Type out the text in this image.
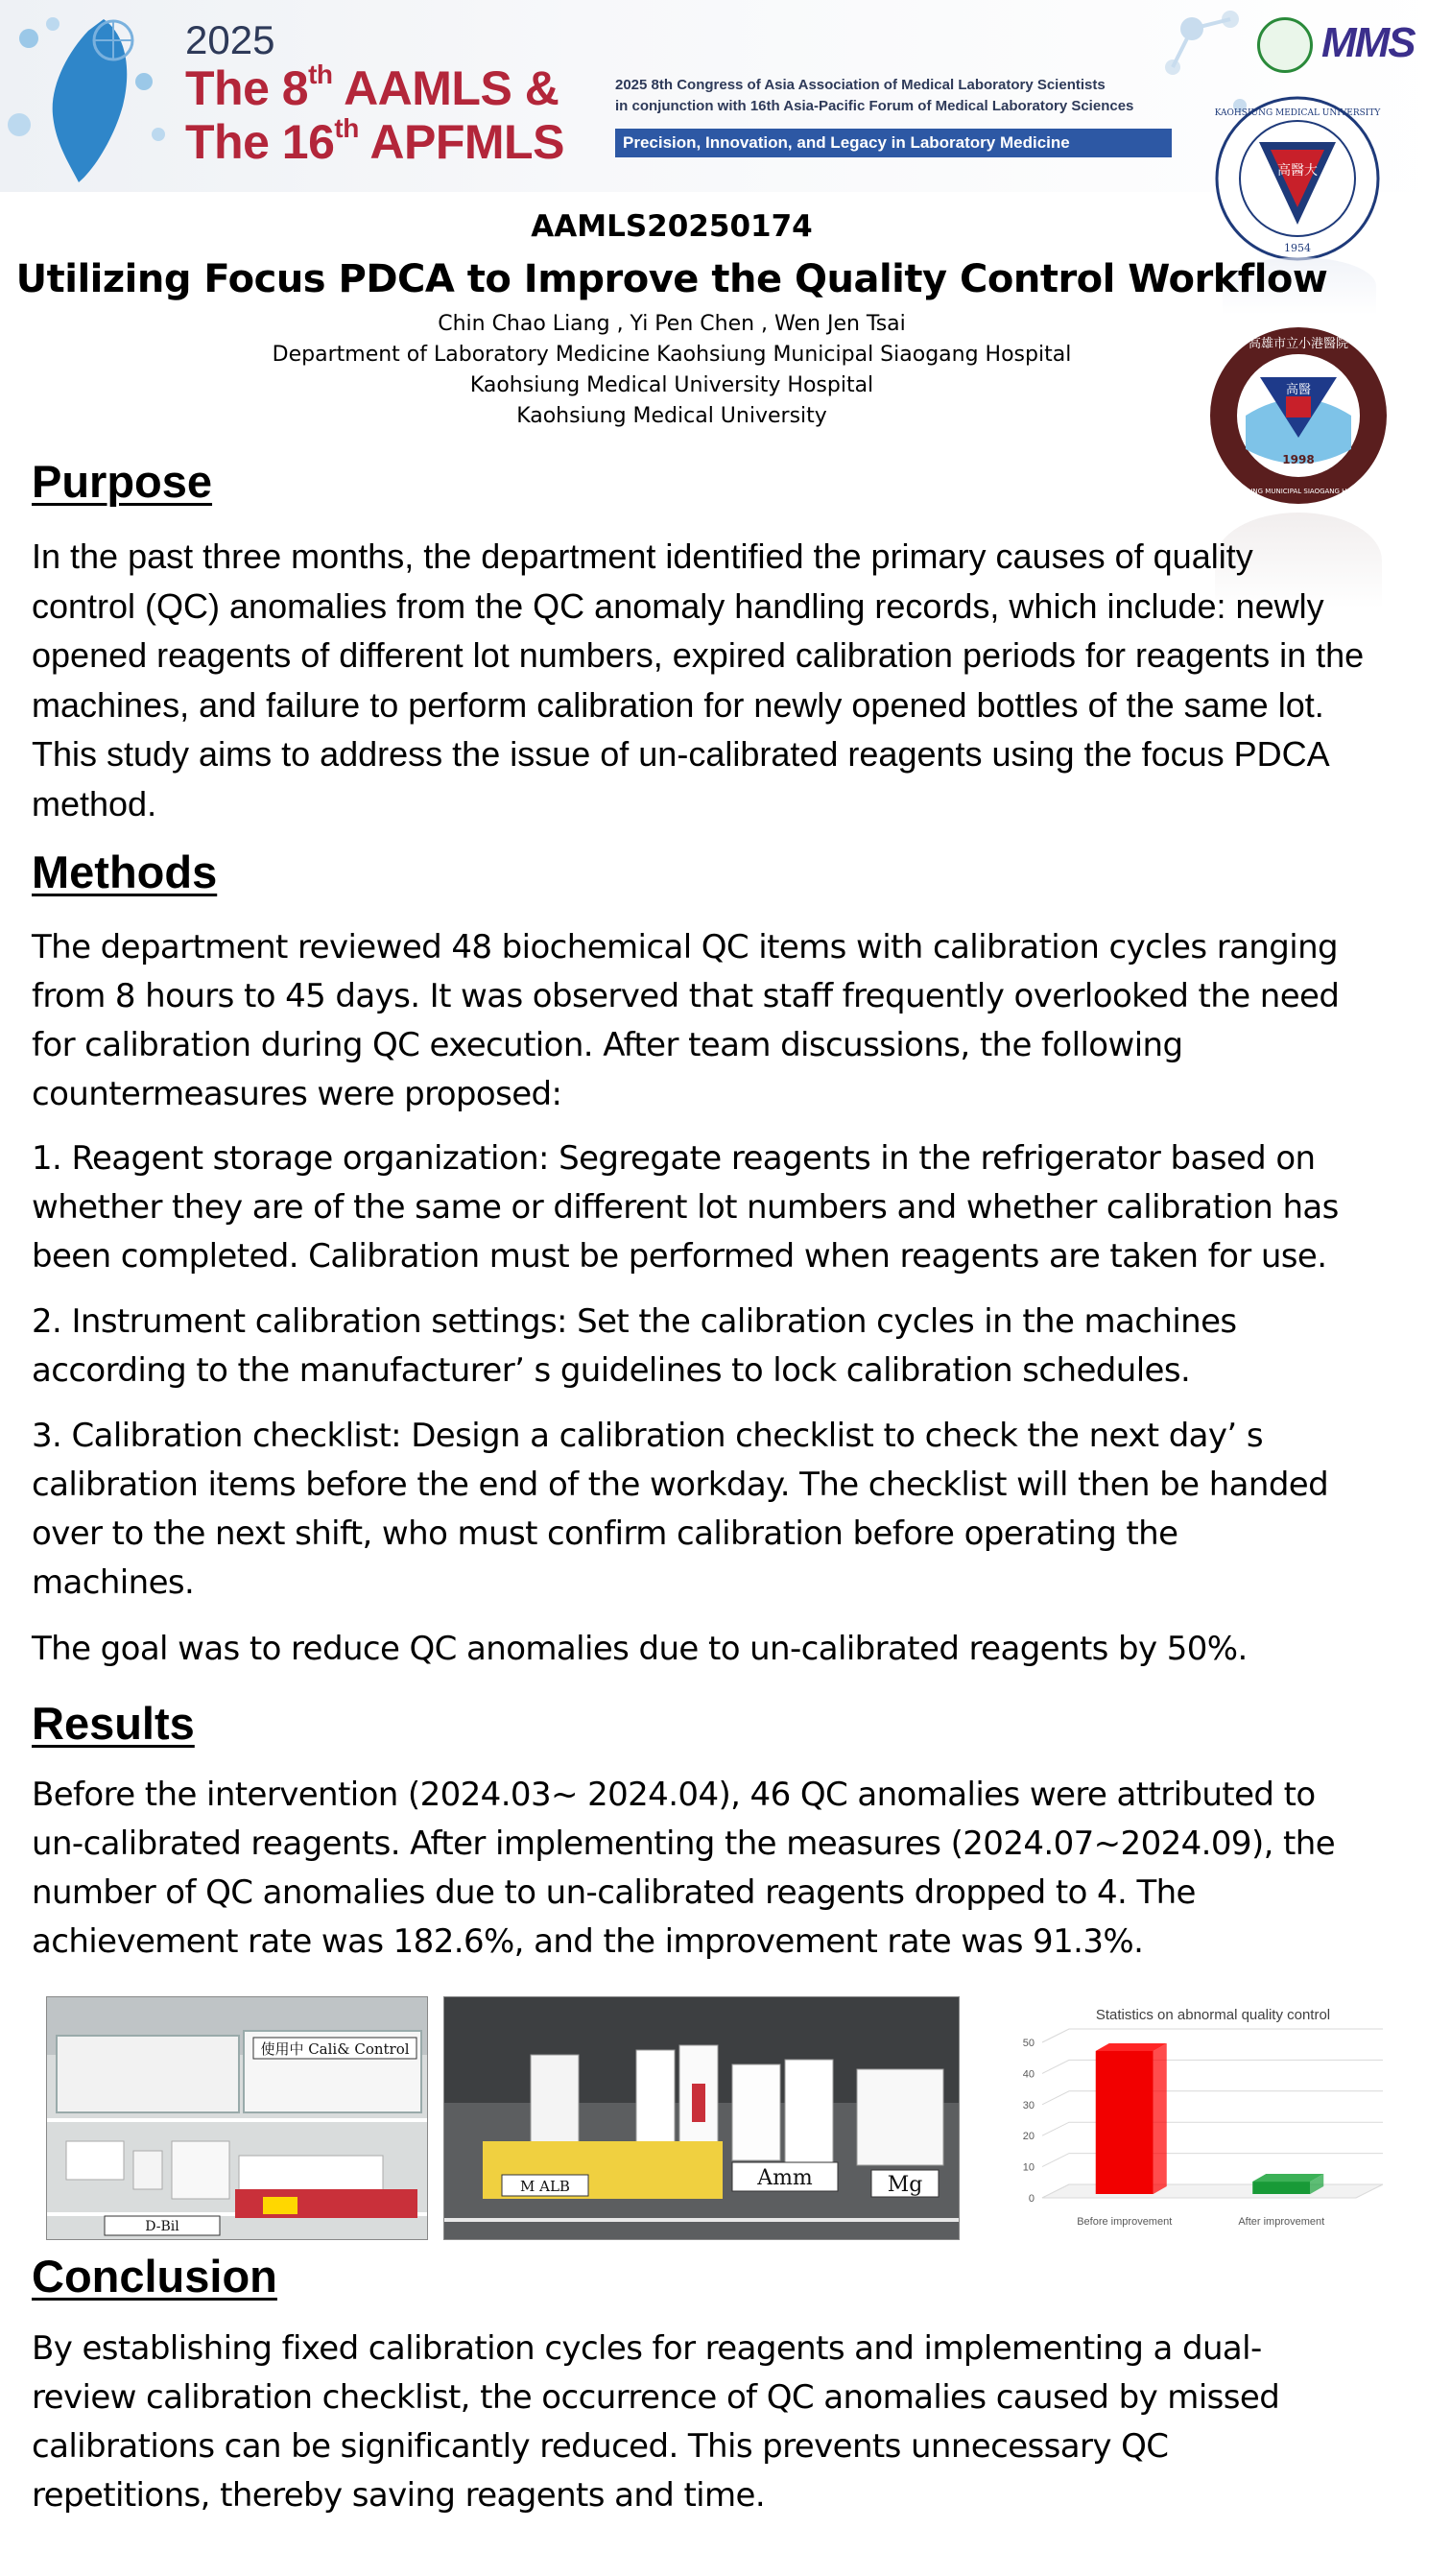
2025
The 8th AAMLS &
The 16th APFMLS
2025 8th Congress of Asia Association of Medical Laboratory Scientists
in conjunction with 16th Asia-Pacific Forum of Medical Laboratory Sciences
Precision, Innovation, and Legacy in Laboratory Medicine
MMS
高醫大
1954
KAOHSIUNG MEDICAL UNIVERSITY
高醫
1998
高雄市立小港醫院
KAOHSIUNG MUNICIPAL SIAOGANG HOSPITAL
AAMLS20250174
Utilizing Focus PDCA to Improve the Quality Control Workflow
Chin Chao Liang , Yi Pen Chen , Wen Jen Tsai
Department of Laboratory Medicine Kaohsiung Municipal Siaogang Hospital
Kaohsiung Medical University Hospital
Kaohsiung Medical University
Purpose
In the past three months, the department identified the primary causes of quality
control (QC) anomalies from the QC anomaly handling records, which include: newly
opened reagents of different lot numbers, expired calibration periods for reagents in the
machines, and failure to perform calibration for newly opened bottles of the same lot.
This study aims to address the issue of un-calibrated reagents using the focus PDCA
method.
Methods
The department reviewed 48 biochemical QC items with calibration cycles ranging
from 8 hours to 45 days. It was observed that staff frequently overlooked the need
for calibration during QC execution. After team discussions, the following
countermeasures were proposed:
1. Reagent storage organization: Segregate reagents in the refrigerator based on
whether they are of the same or different lot numbers and whether calibration has
been completed. Calibration must be performed when reagents are taken for use.
2. Instrument calibration settings: Set the calibration cycles in the machines
according to the manufacturer’ s guidelines to lock calibration schedules.
3. Calibration checklist: Design a calibration checklist to check the next day’ s
calibration items before the end of the workday. The checklist will then be handed
over to the next shift, who must confirm calibration before operating the
machines.
The goal was to reduce QC anomalies due to un-calibrated reagents by 50%.
Results
Before the intervention (2024.03~ 2024.04), 46 QC anomalies were attributed to
un-calibrated reagents. After implementing the measures (2024.07~2024.09), the
number of QC anomalies due to un-calibrated reagents dropped to 4. The
achievement rate was 182.6%, and the improvement rate was 91.3%.
使用中 Cali& Control
D-Bil
M ALB	Amm	Mg
Statistics on abnormal quality control
0
10
20
30
40
50
Before improvement	After improvement
Conclusion
By establishing fixed calibration cycles for reagents and implementing a dual-
review calibration checklist, the occurrence of QC anomalies caused by missed
calibrations can be significantly reduced. This prevents unnecessary QC
repetitions, thereby saving reagents and time.
